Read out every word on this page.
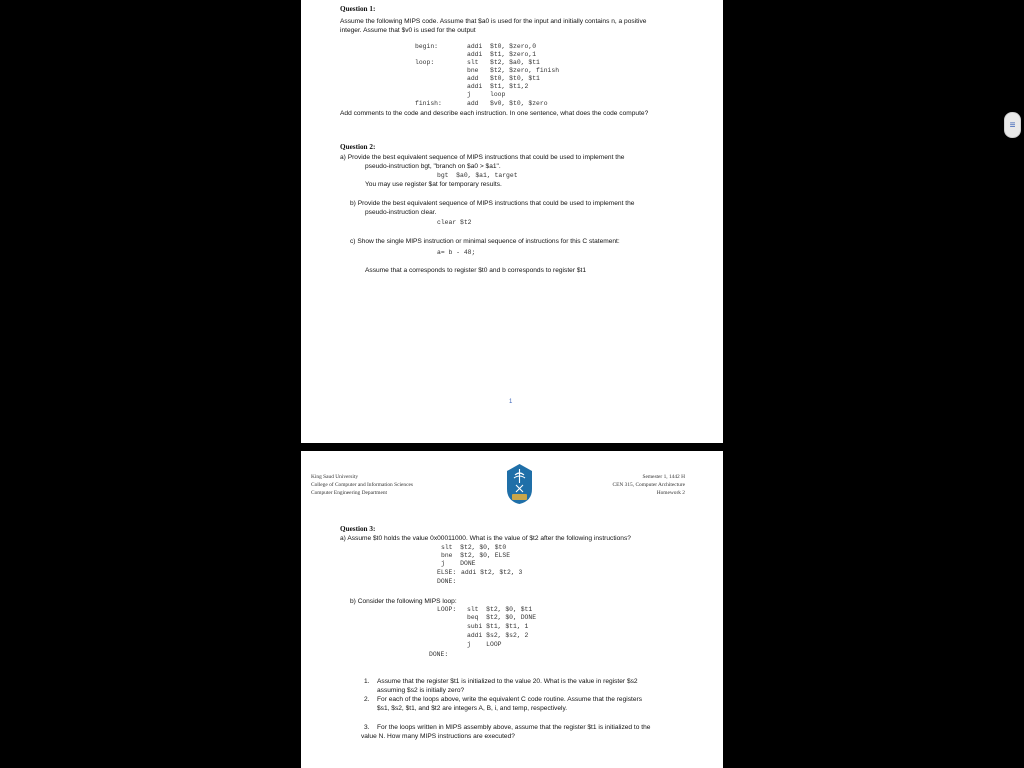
≡
Question 1:
Assume the following MIPS code. Assume that $a0 is used for the input and initially contains n, a positive
integer. Assume that $v0 is used for the output
begin:	addi  $t0, $zero,0
addi  $t1, $zero,1
loop:	slt   $t2, $a0, $t1
bne   $t2, $zero, finish
add   $t0, $t0, $t1
addi  $t1, $t1,2
j     loop
finish:	add   $v0, $t0, $zero
Add comments to the code and describe each instruction. In one sentence, what does the code compute?
Question 2:
a) Provide the best equivalent sequence of MIPS instructions that could be used to implement the
pseudo-instruction bgt, "branch on $a0 > $a1".
bgt  $a0, $a1, target
You may use register $at for temporary results.
b) Provide the best equivalent sequence of MIPS instructions that could be used to implement the
pseudo-instruction clear.
clear $t2
c) Show the single MIPS instruction or minimal sequence of instructions for this C statement:
a= b - 48;
Assume that a corresponds to register $t0 and b corresponds to register $t1
1
King Saud University
College of Computer and Information Sciences
Computer Engineering Department
Semester 1, 1442 H
CEN 315, Computer Architecture
Homework 2
Question 3:
a) Assume $t0 holds the value 0x00011000. What is the value of $t2 after the following instructions?
slt  $t2, $0, $t0
bne  $t2, $0, ELSE
j    DONE
ELSE: addi $t2, $t2, 3
DONE:
b) Consider the following MIPS loop:
LOOP: slt  $t2, $0, $t1
beq  $t2, $0, DONE
subi $t1, $t1, 1
addi $s2, $s2, 2
j    LOOP
DONE:
1. Assume that the register $t1 is initialized to the value 20. What is the value in register $s2
assuming $s2 is initially zero?
2. For each of the loops above, write the equivalent C code routine. Assume that the registers
$s1, $s2, $t1, and $t2 are integers A, B, i, and temp, respectively.
3. For the loops written in MIPS assembly above, assume that the register $t1 is initialized to the
value N. How many MIPS instructions are executed?
